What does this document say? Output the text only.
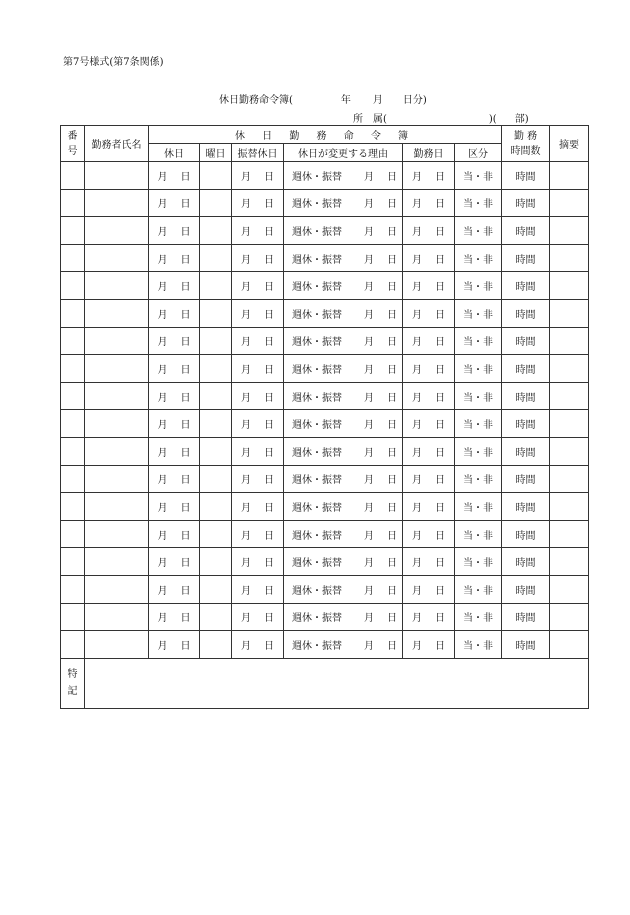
第7号様式(第7条関係)
休日勤務命令簿(	年 月 日分)
所 属(	)( 部)
番
号	勤務者氏名	休 日 勤 務 命 令 簿						勤 務
時間数	摘要
		休日	曜日	振替休日	休日が変更する理由	勤務日	区分		
		月 日		月 日	週休・振替 月 日	月 日	当・非	時間	
		月 日		月 日	週休・振替 月 日	月 日	当・非	時間	
		月 日		月 日	週休・振替 月 日	月 日	当・非	時間	
		月 日		月 日	週休・振替 月 日	月 日	当・非	時間	
		月 日		月 日	週休・振替 月 日	月 日	当・非	時間	
		月 日		月 日	週休・振替 月 日	月 日	当・非	時間	
		月 日		月 日	週休・振替 月 日	月 日	当・非	時間	
		月 日		月 日	週休・振替 月 日	月 日	当・非	時間	
		月 日		月 日	週休・振替 月 日	月 日	当・非	時間	
		月 日		月 日	週休・振替 月 日	月 日	当・非	時間	
		月 日		月 日	週休・振替 月 日	月 日	当・非	時間	
		月 日		月 日	週休・振替 月 日	月 日	当・非	時間	
		月 日		月 日	週休・振替 月 日	月 日	当・非	時間	
		月 日		月 日	週休・振替 月 日	月 日	当・非	時間	
		月 日		月 日	週休・振替 月 日	月 日	当・非	時間	
		月 日		月 日	週休・振替 月 日	月 日	当・非	時間	
		月 日		月 日	週休・振替 月 日	月 日	当・非	時間	
		月 日		月 日	週休・振替 月 日	月 日	当・非	時間	
特
記									
